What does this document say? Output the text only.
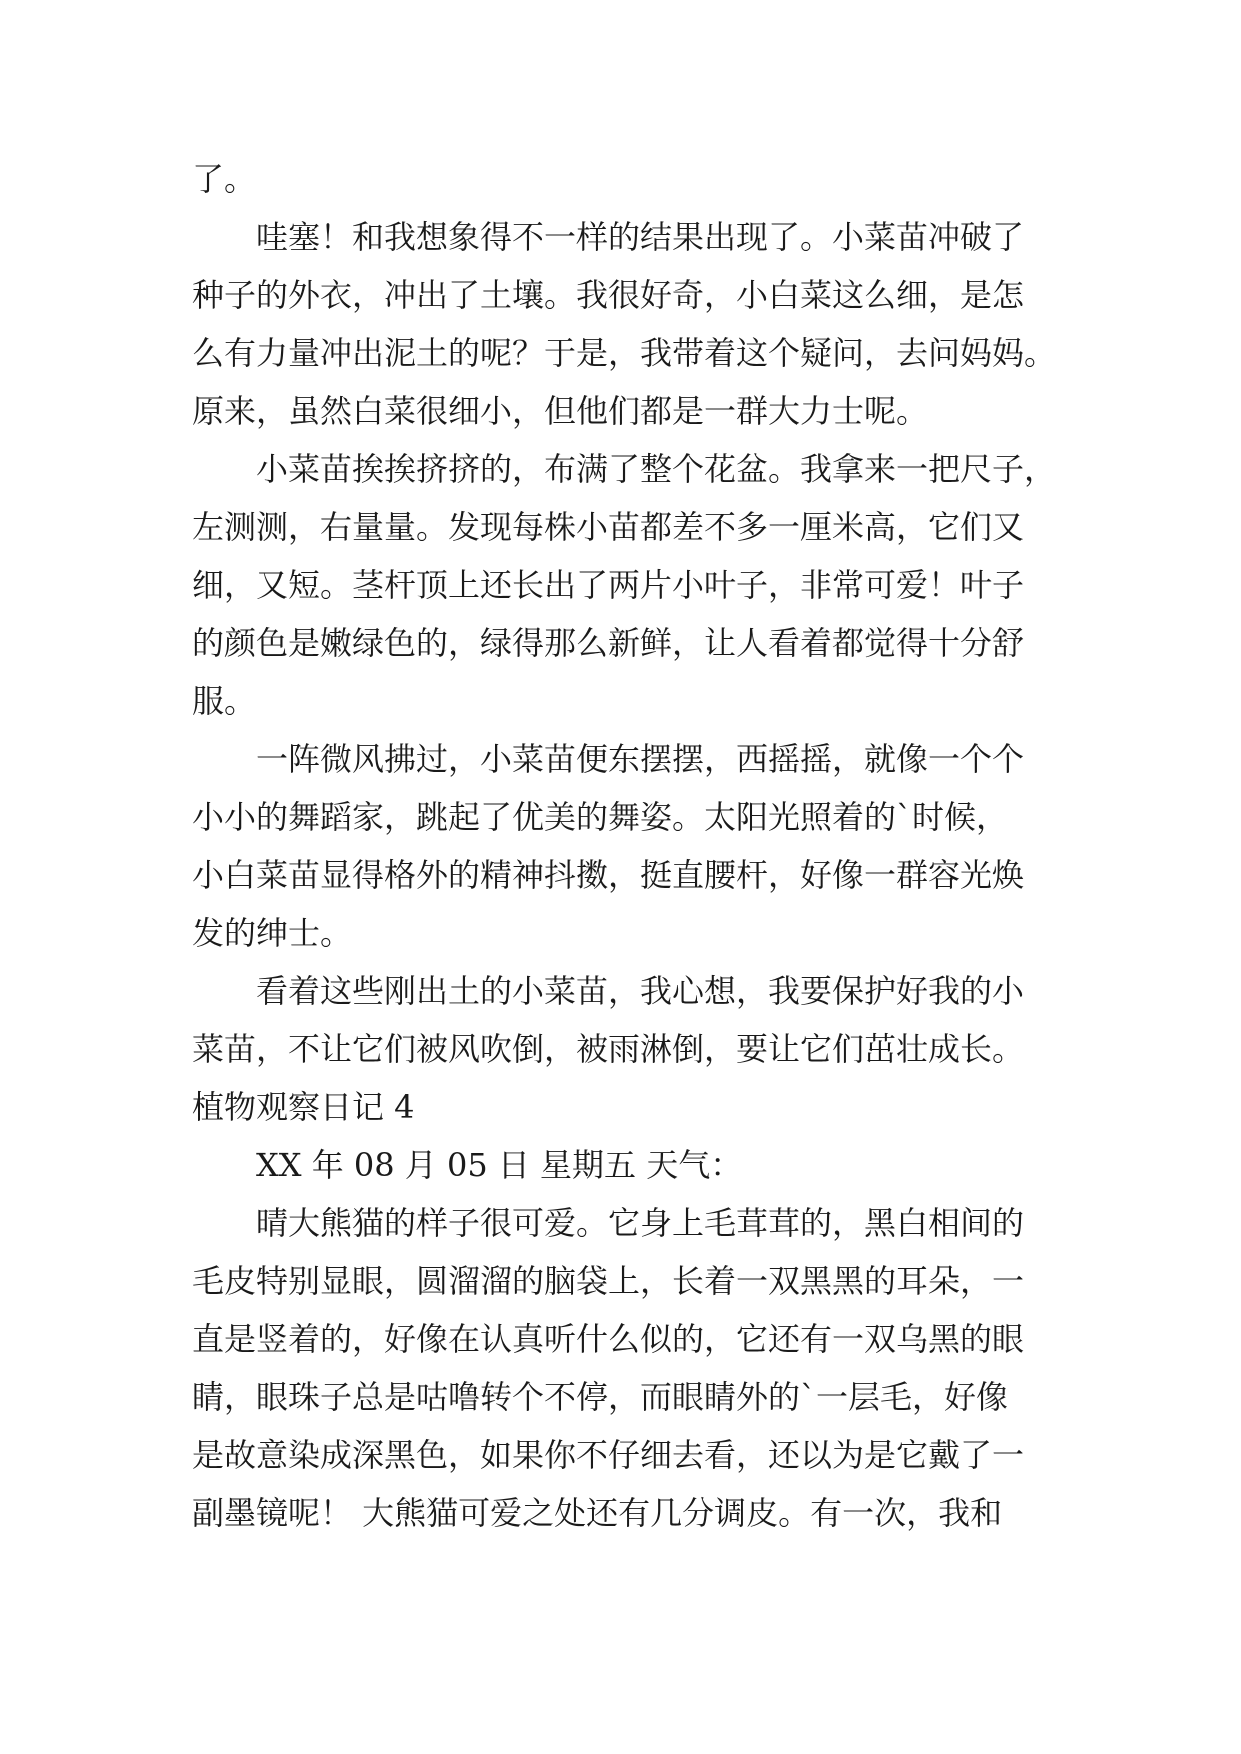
了。
哇塞！和我想象得不一样的结果出现了。小菜苗冲破了
种子的外衣，冲出了土壤。我很好奇，小白菜这么细，是怎
么有力量冲出泥土的呢？于是，我带着这个疑问，去问妈妈。
原来，虽然白菜很细小，但他们都是一群大力士呢。
小菜苗挨挨挤挤的，布满了整个花盆。我拿来一把尺子，
左测测，右量量。发现每株小苗都差不多一厘米高，它们又
细，又短。茎杆顶上还长出了两片小叶子，非常可爱！叶子
的颜色是嫩绿色的，绿得那么新鲜，让人看着都觉得十分舒
服。
一阵微风拂过，小菜苗便东摆摆，西摇摇，就像一个个
小小的舞蹈家，跳起了优美的舞姿。太阳光照着的`时候，
小白菜苗显得格外的精神抖擞，挺直腰杆，好像一群容光焕
发的绅士。
看着这些刚出土的小菜苗，我心想，我要保护好我的小
菜苗，不让它们被风吹倒，被雨淋倒，要让它们茁壮成长。
植物观察日记 4
XX 年 08 月 05 日 星期五 天气：
晴大熊猫的样子很可爱。它身上毛茸茸的，黑白相间的
毛皮特别显眼，圆溜溜的脑袋上，长着一双黑黑的耳朵，一
直是竖着的，好像在认真听什么似的，它还有一双乌黑的眼
睛，眼珠子总是咕噜转个不停，而眼睛外的`一层毛，好像
是故意染成深黑色，如果你不仔细去看，还以为是它戴了一
副墨镜呢！ 大熊猫可爱之处还有几分调皮。有一次，我和
